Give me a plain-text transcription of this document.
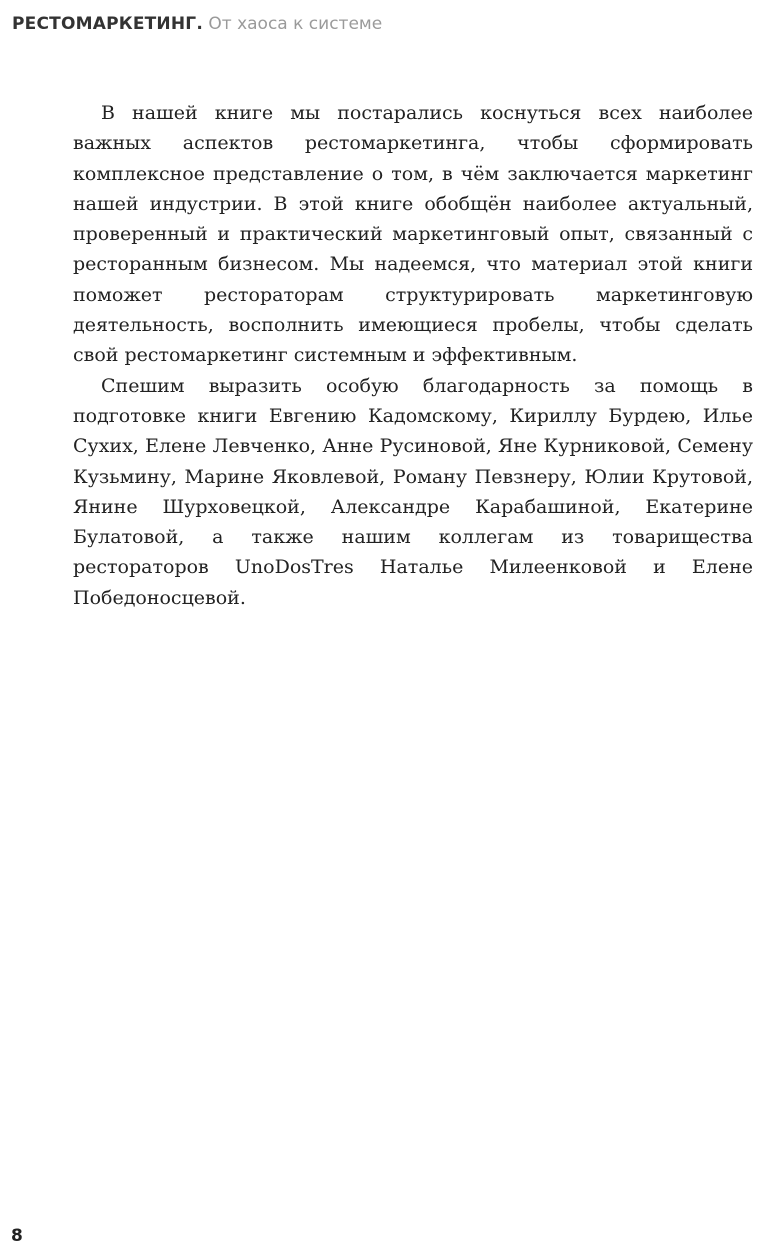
РЕСТОМАРКЕТИНГ. От хаоса к системе

В нашей книге мы постарались коснуться всех наиболее важных аспектов рестомаркетинга, чтобы сформировать комплексное представление о том, в чём заключается маркетинг нашей индустрии. В этой книге обобщён наиболее актуальный, проверенный и практический маркетинговый опыт, связанный с ресторанным бизнесом. Мы надеемся, что материал этой книги поможет рестораторам структурировать маркетинговую деятельность, восполнить имеющиеся пробелы, чтобы сделать свой рестомаркетинг системным и эффективным.

Спешим выразить особую благодарность за помощь в подготовке книги Евгению Кадомскому, Кириллу Бурдею, Илье Сухих, Елене Левченко, Анне Русиновой, Яне Курниковой, Семену Кузьмину, Марине Яковлевой, Роману Певзнеру, Юлии Крутовой, Янине Шурховецкой, Александре Карабашиной, Екатерине Булатовой, а также нашим коллегам из товарищества рестораторов UnoDosTres Наталье Милеенковой и Елене Победоносцевой.

8
